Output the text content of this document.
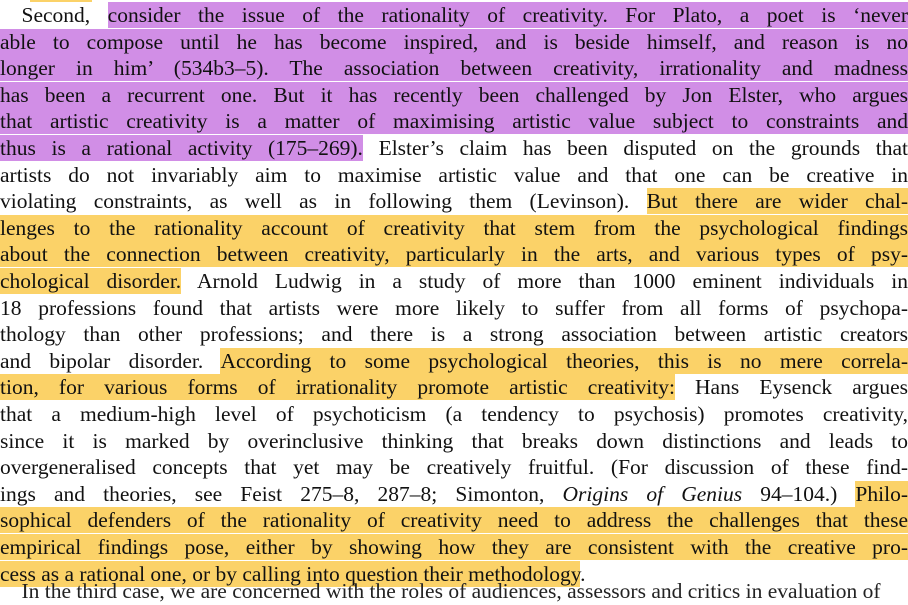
 Second, consider the issue of the rationality of creativity. For Plato, a poet is ‘never
able to compose until he has become inspired, and is beside himself, and reason is no
longer in him’ (534b3–5). The association between creativity, irrationality and madness
has been a recurrent one. But it has recently been challenged by Jon Elster, who argues
that artistic creativity is a matter of maximising artistic value subject to constraints and
thus is a rational activity (175–269). Elster’s claim has been disputed on the grounds that
artists do not invariably aim to maximise artistic value and that one can be creative in
violating constraints, as well as in following them (Levinson). But there are wider chal-
lenges to the rationality account of creativity that stem from the psychological findings
about the connection between creativity, particularly in the arts, and various types of psy-
chological disorder. Arnold Ludwig in a study of more than 1000 eminent individuals in
18 professions found that artists were more likely to suffer from all forms of psychopa-
thology than other professions; and there is a strong association between artistic creators
and bipolar disorder. According to some psychological theories, this is no mere correla-
tion, for various forms of irrationality promote artistic creativity: Hans Eysenck argues
that a medium-high level of psychoticism (a tendency to psychosis) promotes creativity,
since it is marked by overinclusive thinking that breaks down distinctions and leads to
overgeneralised concepts that yet may be creatively fruitful. (For discussion of these find-
ings and theories, see Feist 275–8, 287–8; Simonton, Origins of Genius 94–104.) Philo-
sophical defenders of the rationality of creativity need to address the challenges that these
empirical findings pose, either by showing how they are consistent with the creative pro-
cess as a rational one, or by calling into question their methodology.
 In the third case, we are concerned with the roles of audiences, assessors and critics in evaluation of
